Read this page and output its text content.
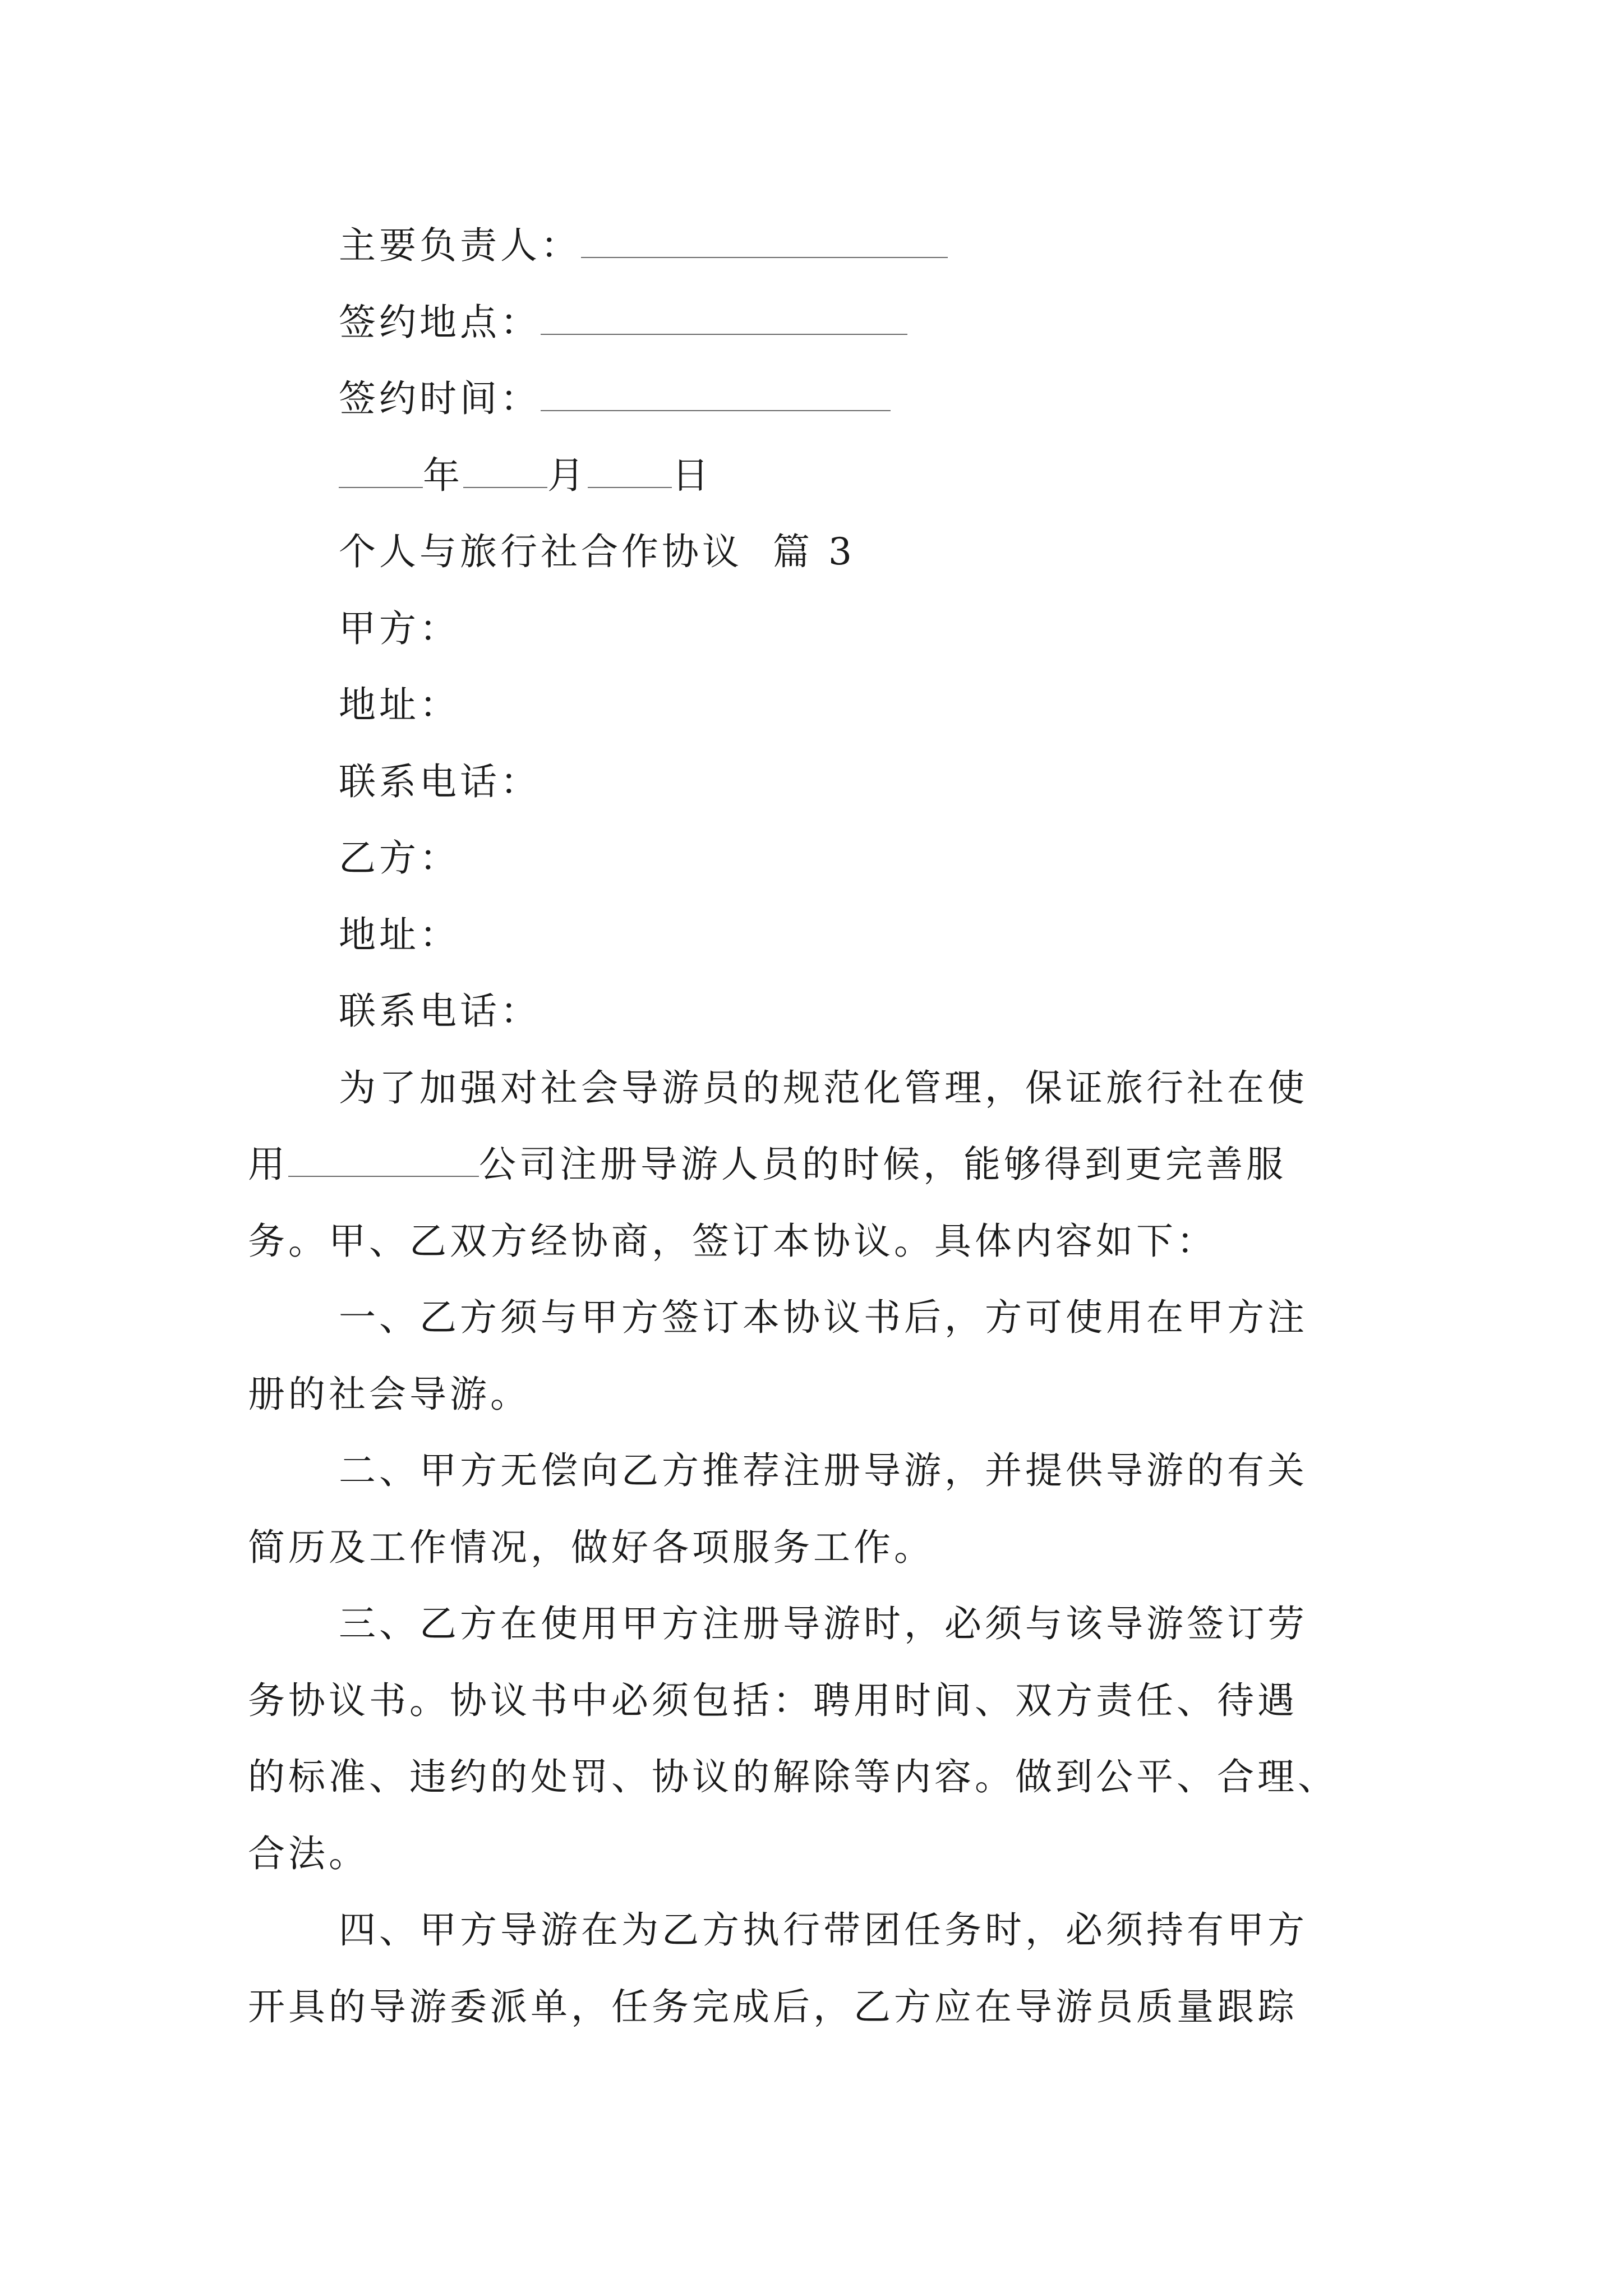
主要负责人：
签约地点：
签约时间：
年 月 日
个人与旅行社合作协议 篇 3
甲方：
地址：
联系电话：
乙方：
地址：
联系电话：
为了加强对社会导游员的规范化管理，保证旅行社在使
用	公司注册导游人员的时候，能够得到更完善服
务。甲、乙双方经协商，签订本协议。具体内容如下：
一、乙方须与甲方签订本协议书后，方可使用在甲方注
册的社会导游。
二、甲方无偿向乙方推荐注册导游，并提供导游的有关
简历及工作情况，做好各项服务工作。
三、乙方在使用甲方注册导游时，必须与该导游签订劳
务协议书。协议书中必须包括：聘用时间、双方责任、待遇
的标准、违约的处罚、协议的解除等内容。做到公平、合理、
合法。
四、甲方导游在为乙方执行带团任务时，必须持有甲方
开具的导游委派单，任务完成后，乙方应在导游员质量跟踪
